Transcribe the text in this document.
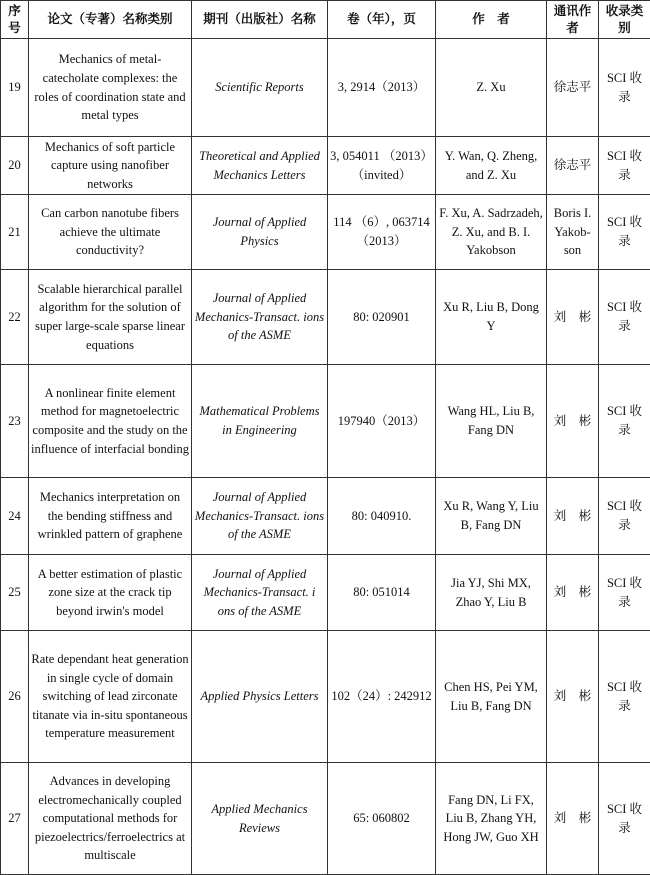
序号	论文（专著）名称类别	期刊（出版社）名称	卷（年），页	作　者	通讯作者	收录类别
19	Mechanics of metal-catecholate complexes: the roles of coordination state and metal types	Scientific Reports	3, 2914（2013）	Z. Xu	徐志平	SCI 收录
20	Mechanics of soft particle capture using nanofiber networks	Theoretical and Applied Mechanics Letters	3, 054011 （2013） （invited）	Y. Wan, Q. Zheng, and Z. Xu	徐志平	SCI 收录
21	Can carbon nanotube fibers achieve the ultimate conductivity?	Journal of Applied Physics	114 （6）, 063714（2013）	F. Xu, A. Sadrzadeh, Z. Xu, and B. I. Yakobson	Boris I. Yakob-son	SCI 收录
22	Scalable hierarchical parallel algorithm for the solution of super large-scale sparse linear equations	Journal of Applied Mechanics-Transact. ions of the ASME	80: 020901	Xu R, Liu B, Dong Y	刘　彬	SCI 收录
23	A nonlinear finite element method for magnetoelectric composite and the study on the influence of interfacial bonding	Mathematical Problems in Engineering	197940（2013）	Wang HL, Liu B, Fang DN	刘　彬	SCI 收录
24	Mechanics interpretation on the bending stiffness and wrinkled pattern of graphene	Journal of Applied Mechanics-Transact. ions of the ASME	80: 040910.	Xu R, Wang Y, Liu B, Fang DN	刘　彬	SCI 收录
25	A better estimation of plastic zone size at the crack tip beyond irwin's model	Journal of Applied Mechanics-Transact. i ons of the ASME	80: 051014	Jia YJ, Shi MX, Zhao Y, Liu B	刘　彬	SCI 收录
26	Rate dependant heat generation in single cycle of domain switching of lead zirconate titanate via in-situ spontaneous temperature measurement	Applied Physics Letters	102（24）: 242912	Chen HS, Pei YM, Liu B, Fang DN	刘　彬	SCI 收录
27	Advances in developing electromechanically coupled computational methods for piezoelectrics/ferroelectrics at multiscale	Applied Mechanics Reviews	65: 060802	Fang DN, Li FX, Liu B, Zhang YH, Hong JW, Guo XH	刘　彬	SCI 收录
